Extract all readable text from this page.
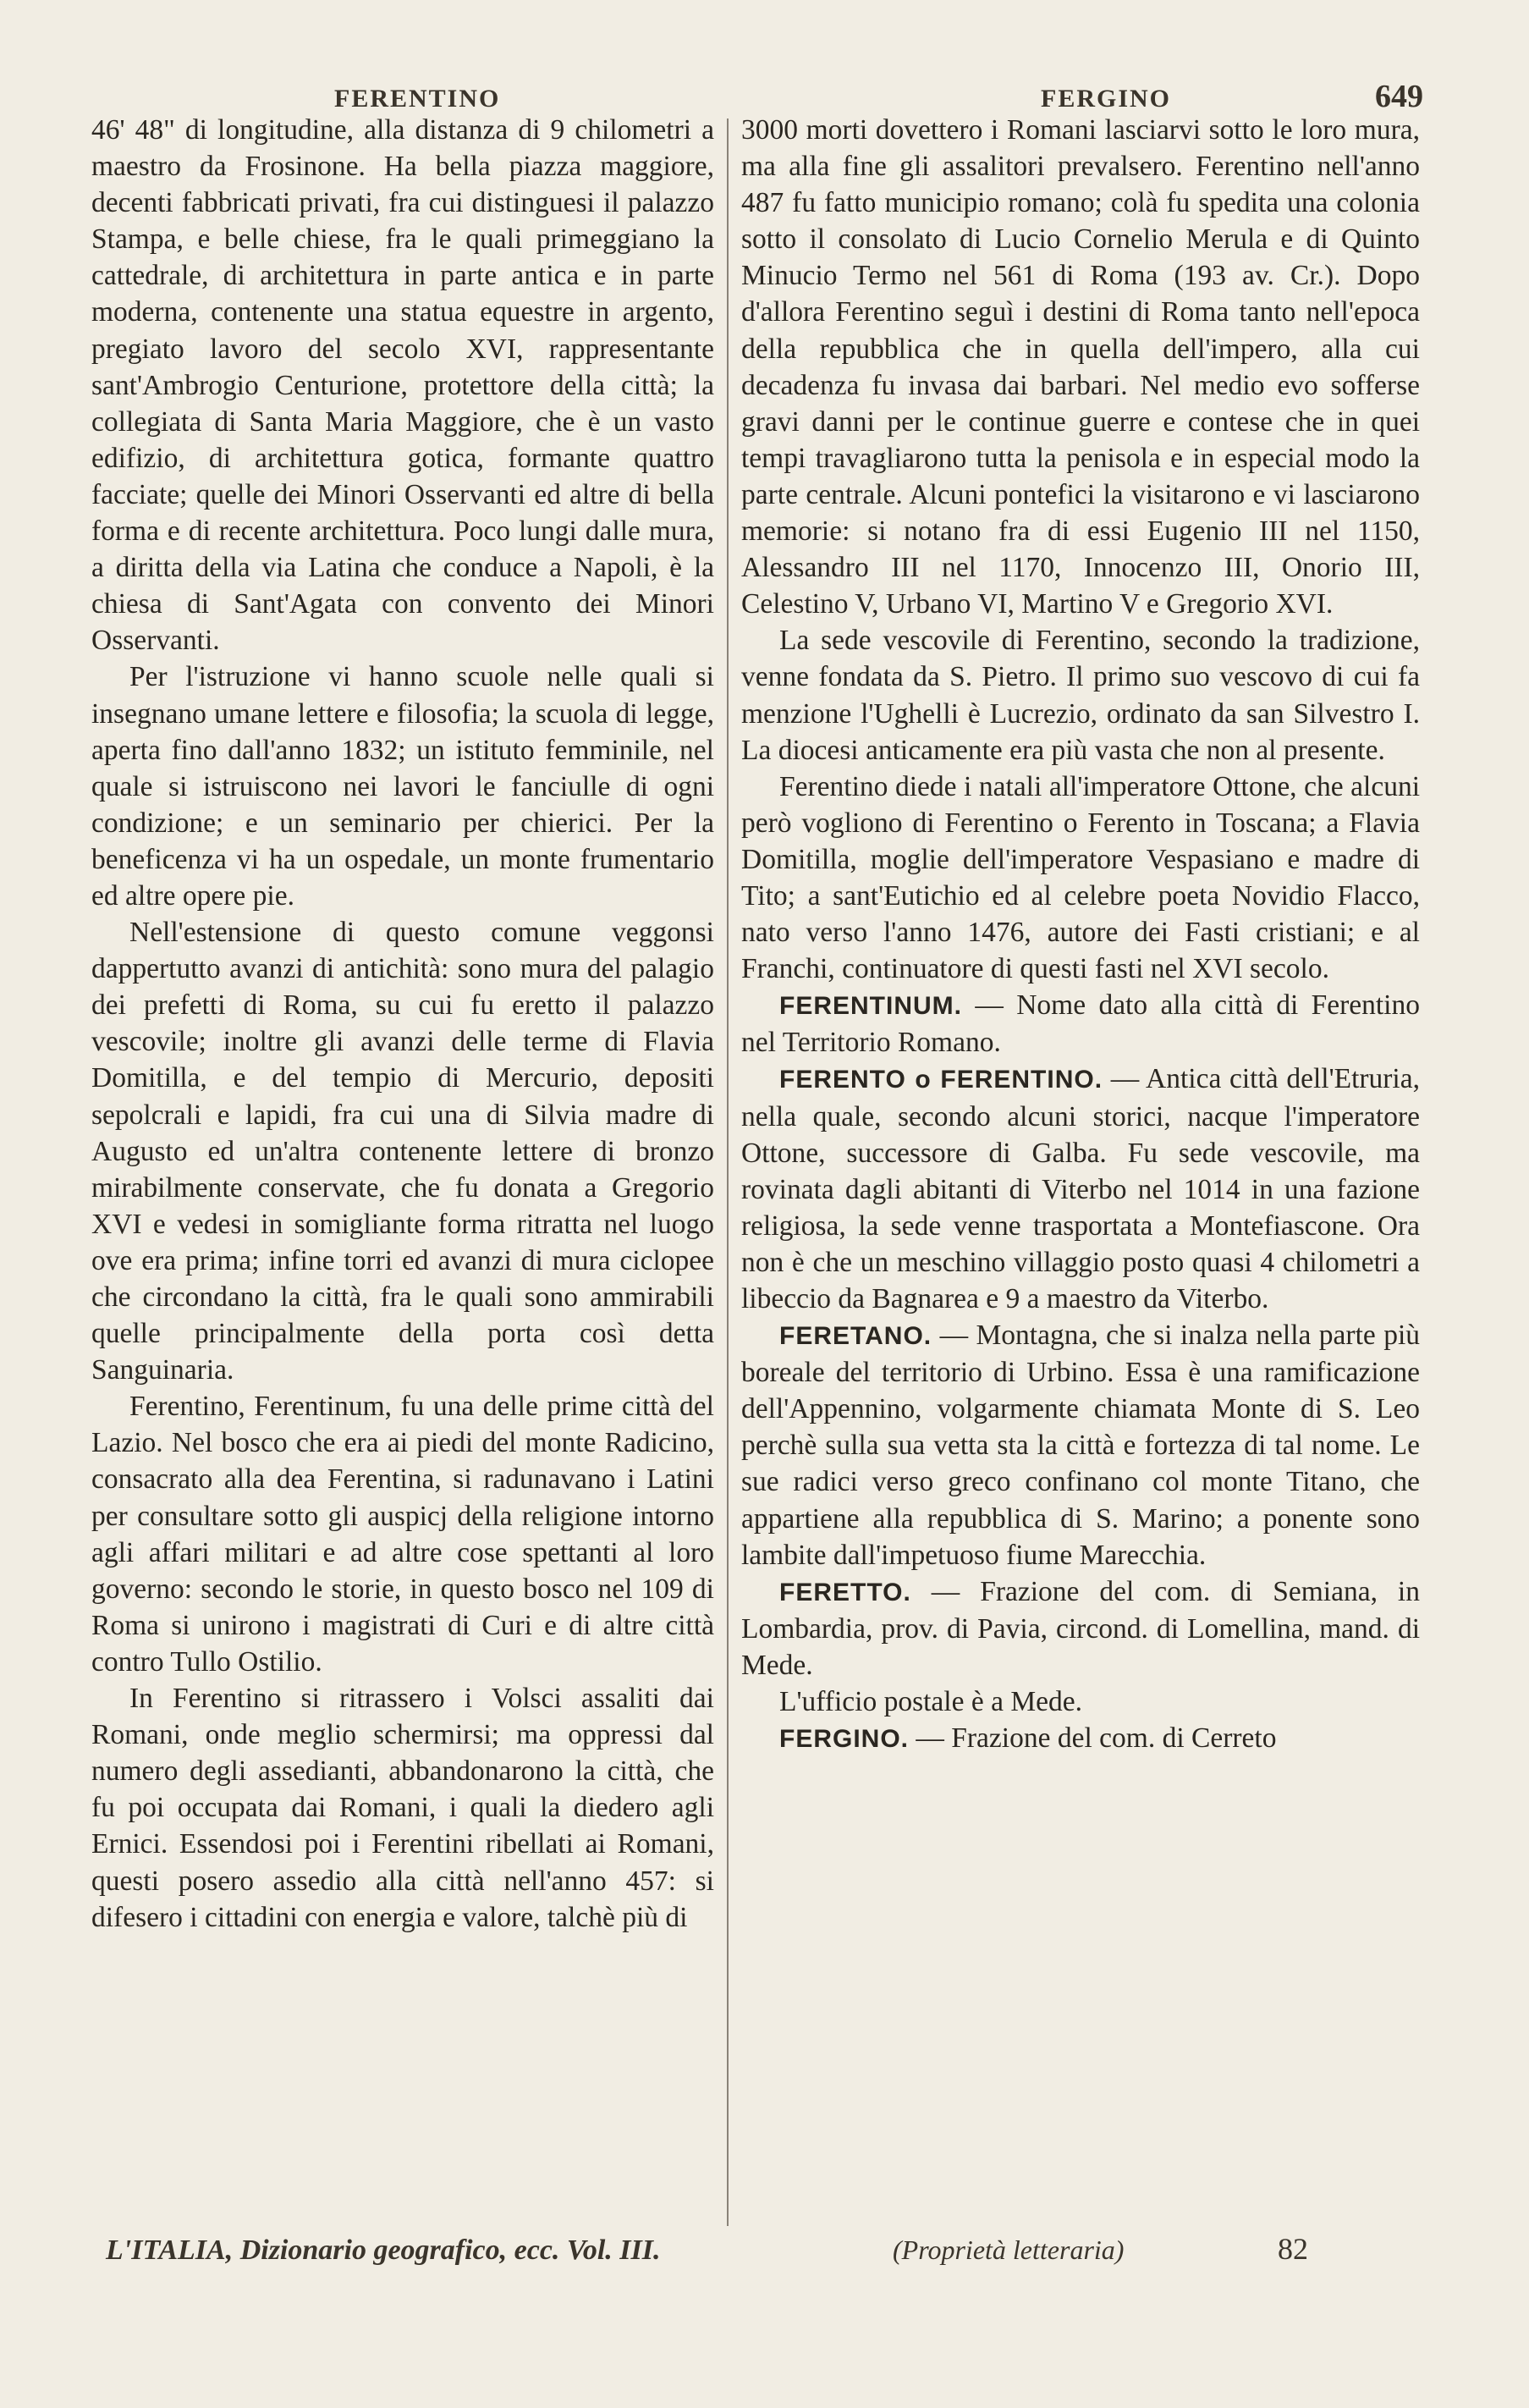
FERENTINO	FERGINO	649

46' 48" di longitudine, alla distanza di 9 chilometri a maestro da Frosinone. Ha bella piazza maggiore, decenti fabbricati privati, fra cui distinguesi il palazzo Stampa, e belle chiese, fra le quali primeggiano la cattedrale, di architettura in parte antica e in parte moderna, contenente una statua equestre in argento, pregiato lavoro del secolo XVI, rappresentante sant'Ambrogio Centurione, protettore della città; la collegiata di Santa Maria Maggiore, che è un vasto edifizio, di architettura gotica, formante quattro facciate; quelle dei Minori Osservanti ed altre di bella forma e di recente architettura. Poco lungi dalle mura, a diritta della via Latina che conduce a Napoli, è la chiesa di Sant'Agata con convento dei Minori Osservanti.

Per l'istruzione vi hanno scuole nelle quali si insegnano umane lettere e filosofia; la scuola di legge, aperta fino dall'anno 1832; un istituto femminile, nel quale si istruiscono nei lavori le fanciulle di ogni condizione; e un seminario per chierici. Per la beneficenza vi ha un ospedale, un monte frumentario ed altre opere pie.

Nell'estensione di questo comune veggonsi dappertutto avanzi di antichità: sono mura del palagio dei prefetti di Roma, su cui fu eretto il palazzo vescovile; inoltre gli avanzi delle terme di Flavia Domitilla, e del tempio di Mercurio, depositi sepolcrali e lapidi, fra cui una di Silvia madre di Augusto ed un'altra contenente lettere di bronzo mirabilmente conservate, che fu donata a Gregorio XVI e vedesi in somigliante forma ritratta nel luogo ove era prima; infine torri ed avanzi di mura ciclopee che circondano la città, fra le quali sono ammirabili quelle principalmente della porta così detta Sanguinaria.

Ferentino, Ferentinum, fu una delle prime città del Lazio. Nel bosco che era ai piedi del monte Radicino, consacrato alla dea Ferentina, si radunavano i Latini per consultare sotto gli auspicj della religione intorno agli affari militari e ad altre cose spettanti al loro governo: secondo le storie, in questo bosco nel 109 di Roma si unirono i magistrati di Curi e di altre città contro Tullo Ostilio.

In Ferentino si ritrassero i Volsci assaliti dai Romani, onde meglio schermirsi; ma oppressi dal numero degli assedianti, abbandonarono la città, che fu poi occupata dai Romani, i quali la diedero agli Ernici. Essendosi poi i Ferentini ribellati ai Romani, questi posero assedio alla città nell'anno 457: si difesero i cittadini con energia e valore, talchè più di

3000 morti dovettero i Romani lasciarvi sotto le loro mura, ma alla fine gli assalitori prevalsero. Ferentino nell'anno 487 fu fatto municipio romano; colà fu spedita una colonia sotto il consolato di Lucio Cornelio Merula e di Quinto Minucio Termo nel 561 di Roma (193 av. Cr.). Dopo d'allora Ferentino seguì i destini di Roma tanto nell'epoca della repubblica che in quella dell'impero, alla cui decadenza fu invasa dai barbari. Nel medio evo sofferse gravi danni per le continue guerre e contese che in quei tempi travagliarono tutta la penisola e in especial modo la parte centrale. Alcuni pontefici la visitarono e vi lasciarono memorie: si notano fra di essi Eugenio III nel 1150, Alessandro III nel 1170, Innocenzo III, Onorio III, Celestino V, Urbano VI, Martino V e Gregorio XVI.

La sede vescovile di Ferentino, secondo la tradizione, venne fondata da S. Pietro. Il primo suo vescovo di cui fa menzione l'Ughelli è Lucrezio, ordinato da san Silvestro I. La diocesi anticamente era più vasta che non al presente.

Ferentino diede i natali all'imperatore Ottone, che alcuni però vogliono di Ferentino o Ferento in Toscana; a Flavia Domitilla, moglie dell'imperatore Vespasiano e madre di Tito; a sant'Eutichio ed al celebre poeta Novidio Flacco, nato verso l'anno 1476, autore dei Fasti cristiani; e al Franchi, continuatore di questi fasti nel XVI secolo.

FERENTINUM. — Nome dato alla città di Ferentino nel Territorio Romano.

FERENTO o FERENTINO. — Antica città dell'Etruria, nella quale, secondo alcuni storici, nacque l'imperatore Ottone, successore di Galba. Fu sede vescovile, ma rovinata dagli abitanti di Viterbo nel 1014 in una fazione religiosa, la sede venne trasportata a Montefiascone. Ora non è che un meschino villaggio posto quasi 4 chilometri a libeccio da Bagnarea e 9 a maestro da Viterbo.

FERETANO. — Montagna, che si inalza nella parte più boreale del territorio di Urbino. Essa è una ramificazione dell'Appennino, volgarmente chiamata Monte di S. Leo perchè sulla sua vetta sta la città e fortezza di tal nome. Le sue radici verso greco confinano col monte Titano, che appartiene alla repubblica di S. Marino; a ponente sono lambite dall'impetuoso fiume Marecchia.

FERETTO. — Frazione del com. di Semiana, in Lombardia, prov. di Pavia, circond. di Lomellina, mand. di Mede.

L'ufficio postale è a Mede.

FERGINO. — Frazione del com. di Cerreto

L'ITALIA, Dizionario geografico, ecc. Vol. III.	(Proprietà letteraria)	82
